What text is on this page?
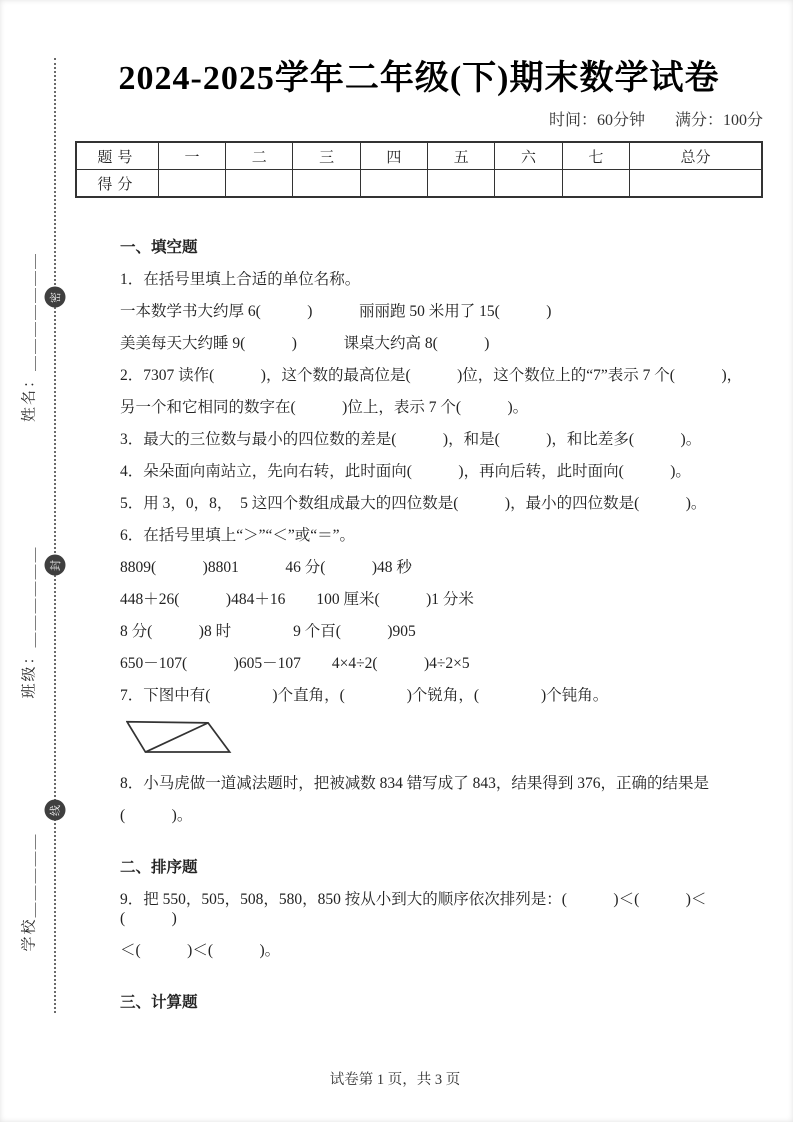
姓名：＿＿＿＿＿＿＿
班级：＿＿＿＿＿＿
学校＿＿＿＿＿
密
封
线
2024-2025学年二年级(下)期末数学试卷
时间：60分钟 满分：100分
题号	一	二	三	四	五	六	七	总分
得分								

一、填空题

1．在括号里填上合适的单位名称。

一本数学书大约厚 6(　　　)　　　丽丽跑 50 米用了 15(　　　)

美美每天大约睡 9(　　　)　　　课桌大约高 8(　　　)

2．7307 读作(　　　)，这个数的最高位是(　　　)位，这个数位上的“7”表示 7 个(　　　)，

另一个和它相同的数字在(　　　)位上，表示 7 个(　　　)。

3．最大的三位数与最小的四位数的差是(　　　)，和是(　　　)，和比差多(　　　)。

4．朵朵面向南站立，先向右转，此时面向(　　　)，再向后转，此时面向(　　　)。

5．用 3，0，8，　5 这四个数组成最大的四位数是(　　　)，最小的四位数是(　　　)。

6．在括号里填上“＞”“＜”或“＝”。

8809(　　　)8801　　　46 分(　　　)48 秒

448＋26(　　　)484＋16　　100 厘米(　　　)1 分米

8 分(　　　)8 时　　　　9 个百(　　　)905

650－107(　　　)605－107　　4×4÷2(　　　)4÷2×5

7．下图中有(　　　　)个直角，(　　　　)个锐角，(　　　　)个钝角。

8．小马虎做一道减法题时，把被减数 834 错写成了 843，结果得到 376，正确的结果是

(　　　)。

二、排序题

9．把 550，505，508，580，850 按从小到大的顺序依次排列是：(　　　)＜(　　　)＜(　　　)

＜(　　　)＜(　　　)。

三、计算题

试卷第 1 页，共 3 页
